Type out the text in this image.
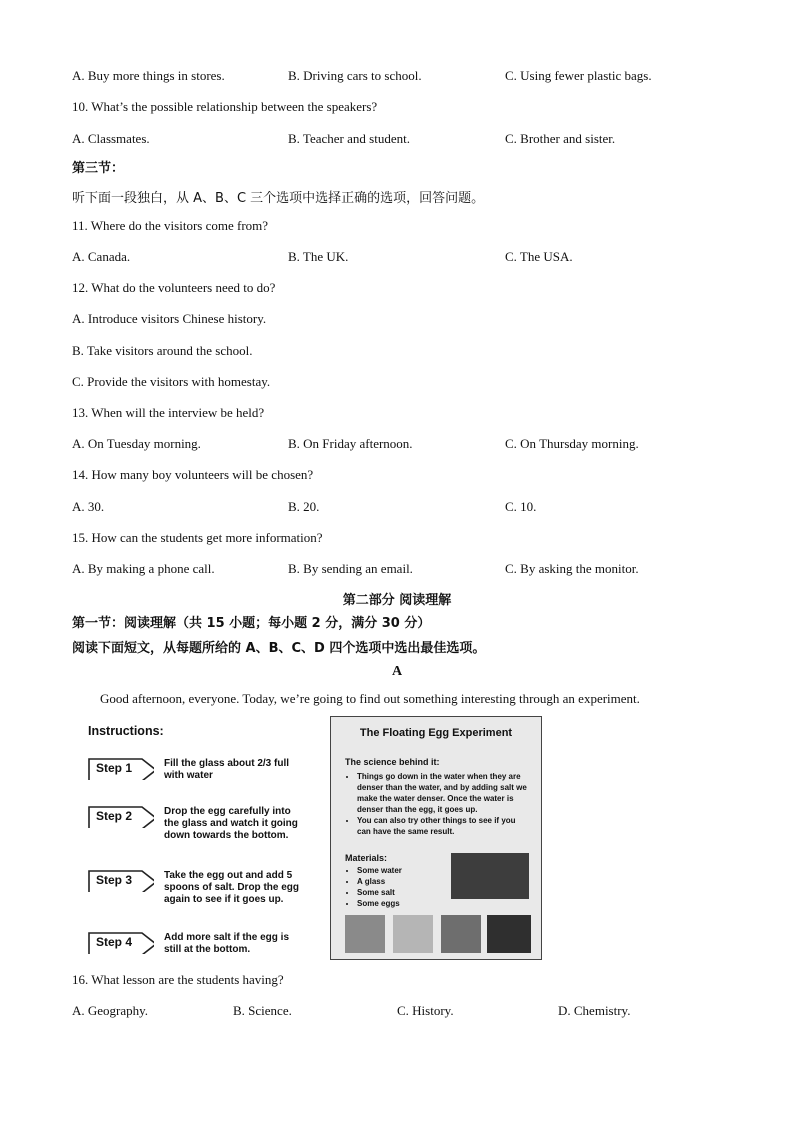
A. Buy more things in stores.	B. Driving cars to school.	C. Using fewer plastic bags.
10. What’s the possible relationship between the speakers?
A. Classmates.	B. Teacher and student.	C. Brother and sister.
第三节：
听下面一段独白，从 A、B、C 三个选项中选择正确的选项，回答问题。
11. Where do the visitors come from?
A. Canada.	B. The UK.	C. The USA.
12. What do the volunteers need to do?
A. Introduce visitors Chinese history.
B. Take visitors around the school.
C. Provide the visitors with homestay.
13. When will the interview be held?
A. On Tuesday morning.	B. On Friday afternoon.	C. On Thursday morning.
14. How many boy volunteers will be chosen?
A. 30.	B. 20.	C. 10.
15. How can the students get more information?
A. By making a phone call.	B. By sending an email.	C. By asking the monitor.
第二部分 阅读理解
第一节：阅读理解（共 15 小题；每小题 2 分，满分 30 分）
阅读下面短文，从每题所给的 A、B、C、D 四个选项中选出最佳选项。
A
Good afternoon, everyone. Today, we’re going to find out something interesting through an experiment.
Instructions:
Step 1	Fill the glass about 2/3 full with water
Step 2	Drop the egg carefully into the glass and watch it going down towards the bottom.
Step 3	Take the egg out and add 5 spoons of salt. Drop the egg again to see if it goes up.
Step 4	Add more salt if the egg is still at the bottom.
The Floating Egg Experiment
The science behind it:
• Things go down in the water when they are denser than the water, and by adding salt we make the water denser. Once the water is denser than the egg, it goes up.
• You can also try other things to see if you can have the same result.
Materials:
• Some water
• A glass
• Some salt
• Some eggs
16. What lesson are the students having?
A. Geography.	B. Science.	C. History.	D. Chemistry.
